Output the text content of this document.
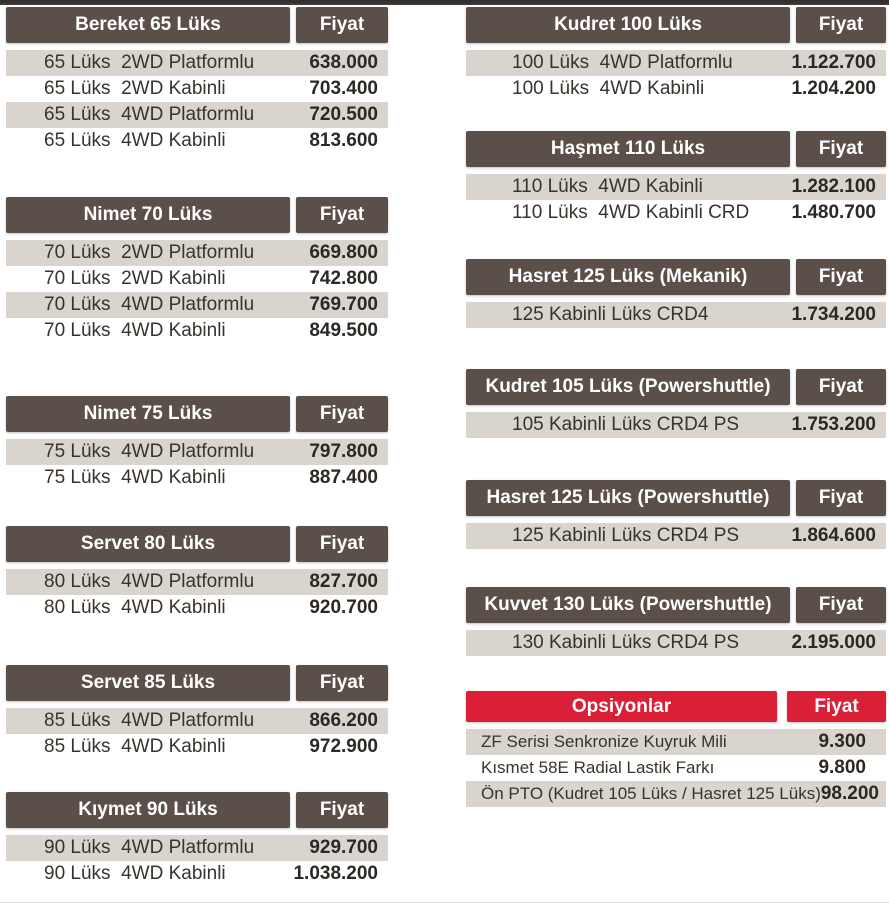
Bereket 65 Lüks	Fiyat
65 Lüks  2WD Platformlu	638.000
65 Lüks  2WD Kabinli	703.400
65 Lüks  4WD Platformlu	720.500
65 Lüks  4WD Kabinli	813.600
Nimet 70 Lüks	Fiyat
70 Lüks  2WD Platformlu	669.800
70 Lüks  2WD Kabinli	742.800
70 Lüks  4WD Platformlu	769.700
70 Lüks  4WD Kabinli	849.500
Nimet 75 Lüks	Fiyat
75 Lüks  4WD Platformlu	797.800
75 Lüks  4WD Kabinli	887.400
Servet 80 Lüks	Fiyat
80 Lüks  4WD Platformlu	827.700
80 Lüks  4WD Kabinli	920.700
Servet 85 Lüks	Fiyat
85 Lüks  4WD Platformlu	866.200
85 Lüks  4WD Kabinli	972.900
Kıymet 90 Lüks	Fiyat
90 Lüks  4WD Platformlu	929.700
90 Lüks  4WD Kabinli	1.038.200
Kudret 100 Lüks	Fiyat
100 Lüks  4WD Platformlu	1.122.700
100 Lüks  4WD Kabinli	1.204.200
Haşmet 110 Lüks	Fiyat
110 Lüks  4WD Kabinli	1.282.100
110 Lüks  4WD Kabinli CRD 1.480.700
Hasret 125 Lüks (Mekanik)	Fiyat
125 Kabinli Lüks CRD4	1.734.200
Kudret 105 Lüks (Powershuttle)	Fiyat
105 Kabinli Lüks CRD4 PS	1.753.200
Hasret 125 Lüks (Powershuttle)	Fiyat
125 Kabinli Lüks CRD4 PS	1.864.600
Kuvvet 130 Lüks (Powershuttle)	Fiyat
130 Kabinli Lüks CRD4 PS	2.195.000
Opsiyonlar	Fiyat
ZF Serisi Senkronize Kuyruk Mili	9.300
Kısmet 58E Radial Lastik Farkı	9.800
Ön PTO (Kudret 105 Lüks / Hasret 125 Lüks) 98.200
